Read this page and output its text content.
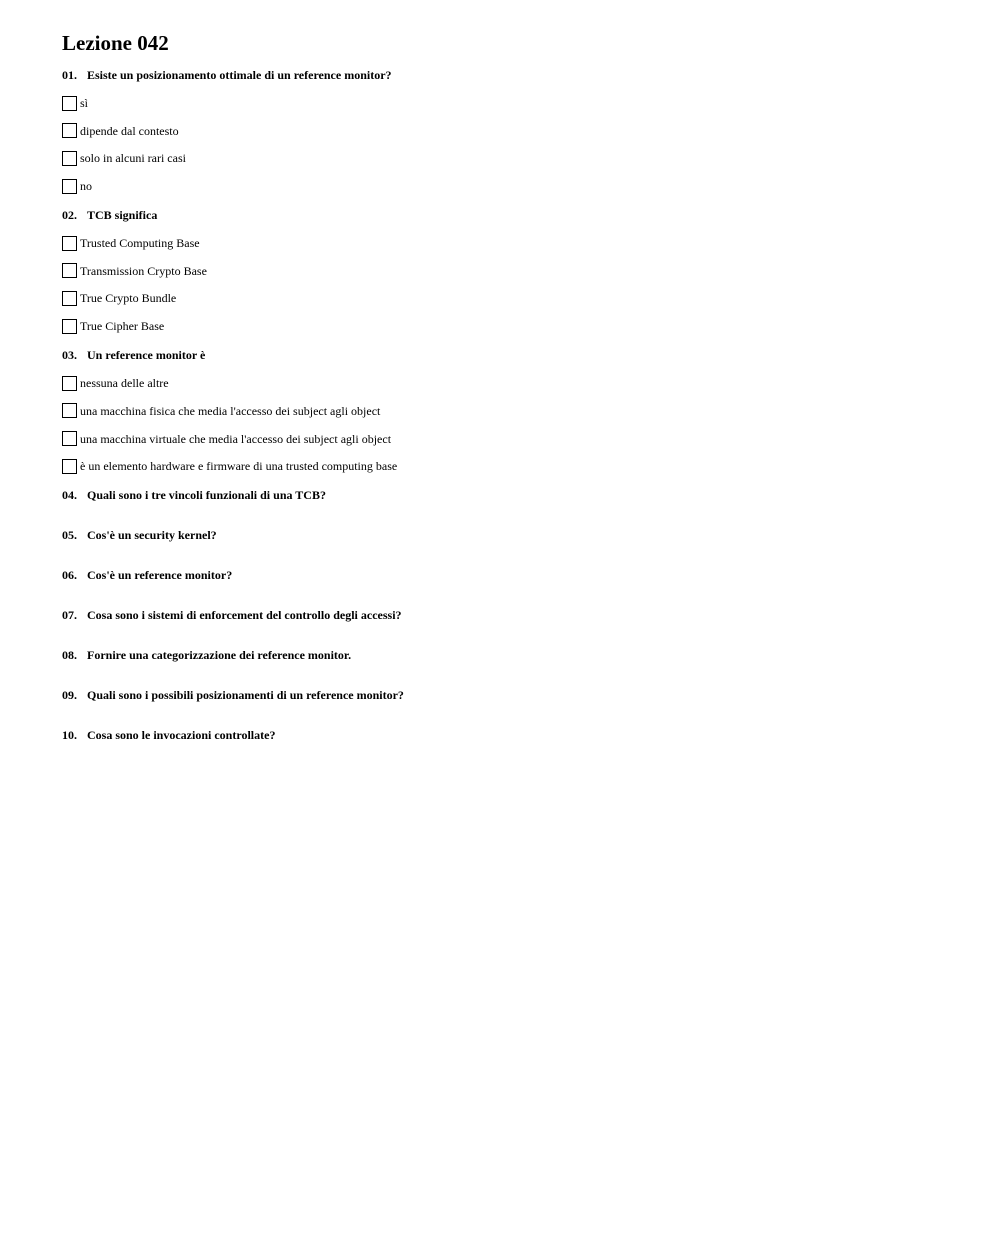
Lezione 042
01. Esiste un posizionamento ottimale di un reference monitor?
sì
dipende dal contesto
solo in alcuni rari casi
no
02. TCB significa
Trusted Computing Base
Transmission Crypto Base
True Crypto Bundle
True Cipher Base
03. Un reference monitor è
nessuna delle altre
una macchina fisica che media l'accesso dei subject agli object
una macchina virtuale che media l'accesso dei subject agli object
è un elemento hardware e firmware di una trusted computing base
04. Quali sono i tre vincoli funzionali di una TCB?
05. Cos'è un security kernel?
06. Cos'è un reference monitor?
07. Cosa sono i sistemi di enforcement del controllo degli accessi?
08. Fornire una categorizzazione dei reference monitor.
09. Quali sono i possibili posizionamenti di un reference monitor?
10. Cosa sono le invocazioni controllate?
